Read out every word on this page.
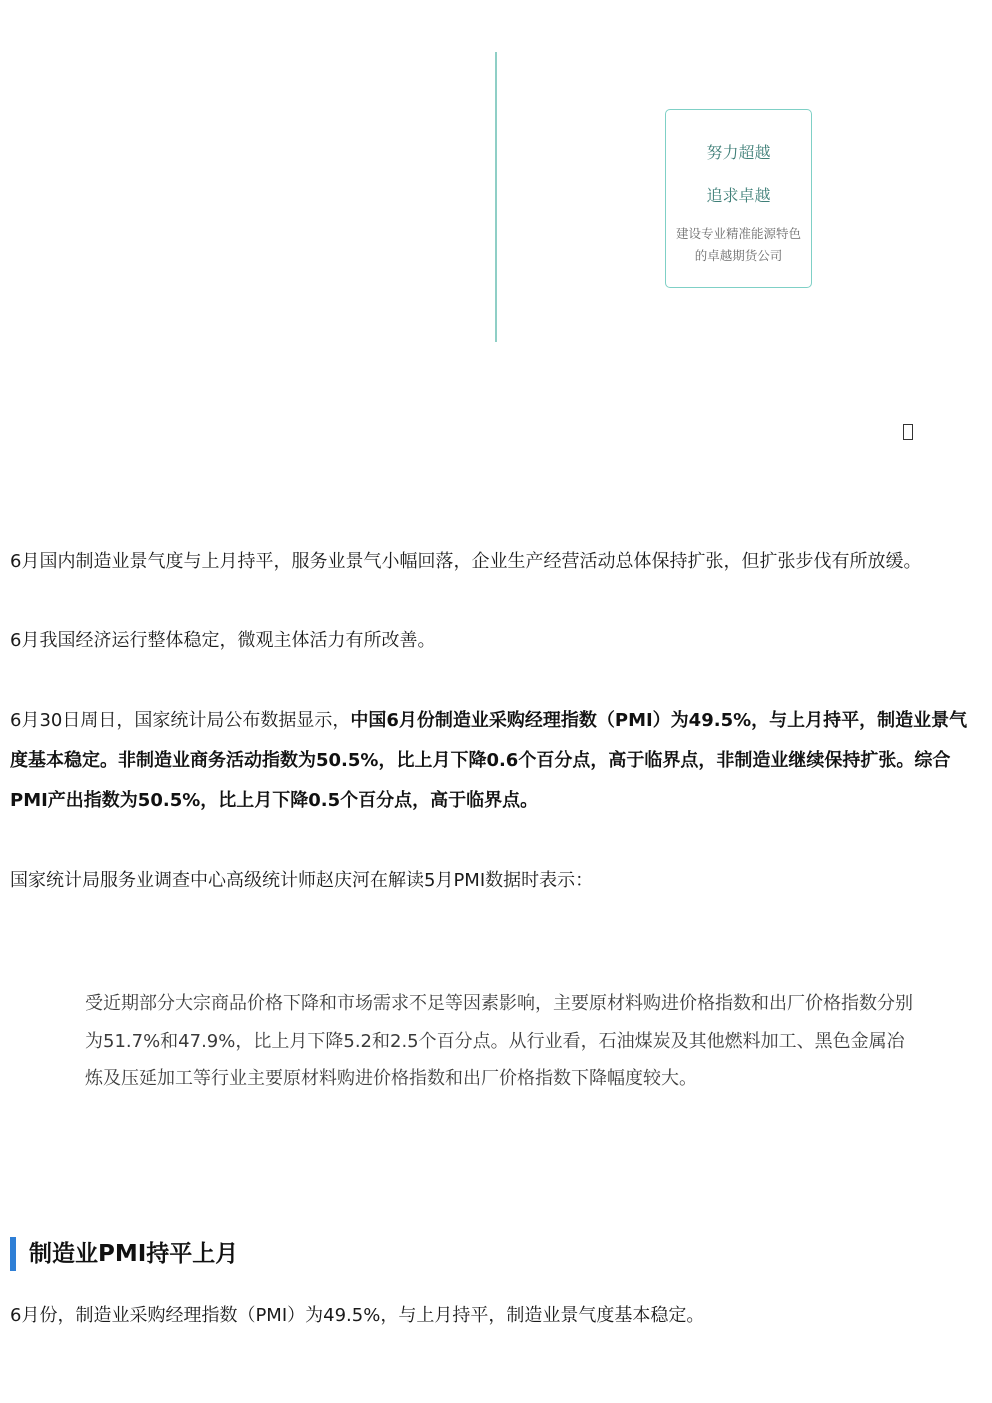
努力超越
追求卓越
建设专业精准能源特色的卓越期货公司

6月国内制造业景气度与上月持平，服务业景气小幅回落，企业生产经营活动总体保持扩张，但扩张步伐有所放缓。

6月我国经济运行整体稳定，微观主体活力有所改善。

6月30日周日，国家统计局公布数据显示，中国6月份制造业采购经理指数（PMI）为49.5%，与上月持平，制造业景气度基本稳定。非制造业商务活动指数为50.5%，比上月下降0.6个百分点，高于临界点，非制造业继续保持扩张。综合PMI产出指数为50.5%，比上月下降0.5个百分点，高于临界点。

国家统计局服务业调查中心高级统计师赵庆河在解读5月PMI数据时表示：

受近期部分大宗商品价格下降和市场需求不足等因素影响，主要原材料购进价格指数和出厂价格指数分别为51.7%和47.9%，比上月下降5.2和2.5个百分点。从行业看，石油煤炭及其他燃料加工、黑色金属冶炼及压延加工等行业主要原材料购进价格指数和出厂价格指数下降幅度较大。

制造业PMI持平上月

6月份，制造业采购经理指数（PMI）为49.5%，与上月持平，制造业景气度基本稳定。
